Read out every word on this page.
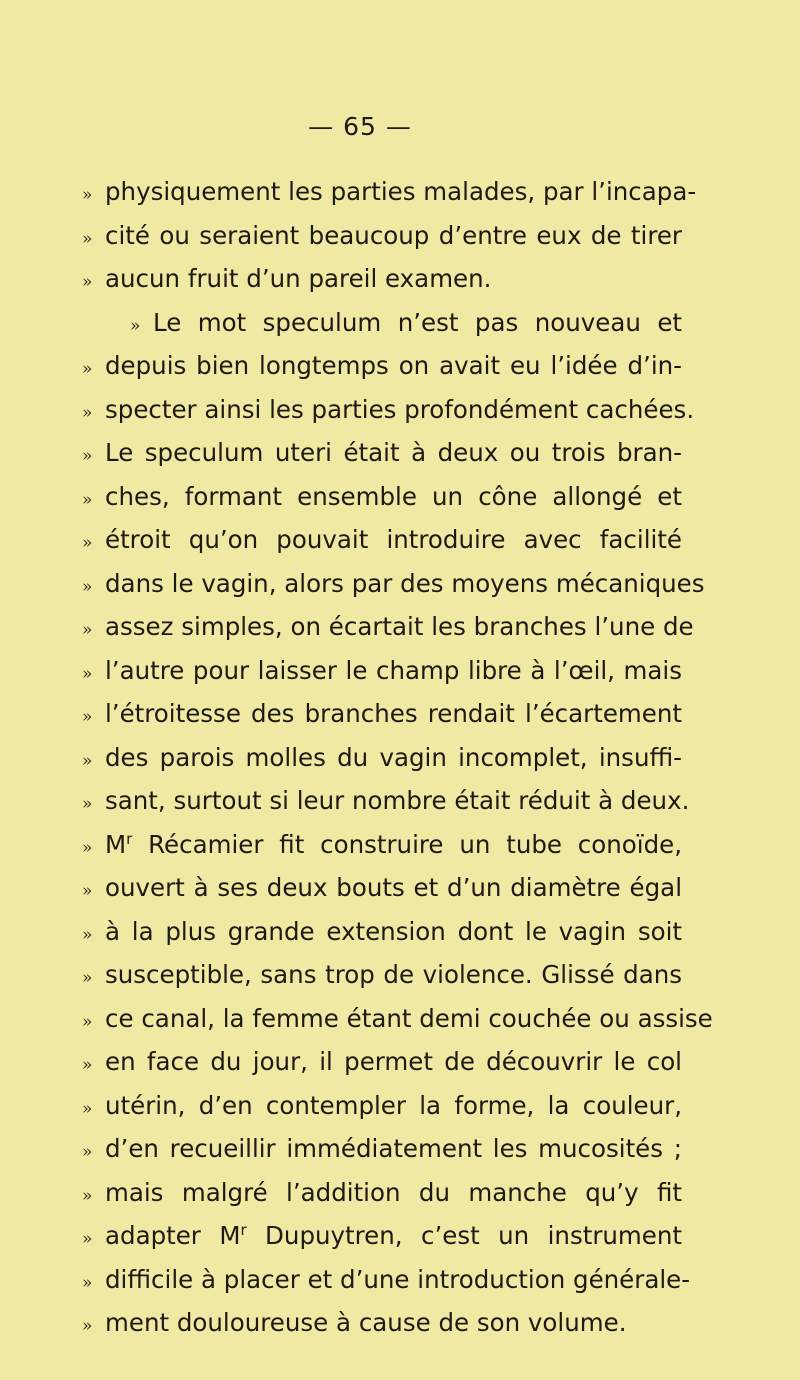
— 65 —
» physiquement les parties malades, par l’incapa-
» cité ou seraient beaucoup d’entre eux de tirer
» aucun fruit d’un pareil examen.
» Le mot speculum n’est pas nouveau et
» depuis bien longtemps on avait eu l’idée d’in-
» specter ainsi les parties profondément cachées.
» Le speculum uteri était à deux ou trois bran-
» ches, formant ensemble un cône allongé et
» étroit qu’on pouvait introduire avec facilité
» dans le vagin, alors par des moyens mécaniques
» assez simples, on écartait les branches l’une de
» l’autre pour laisser le champ libre à l’œil, mais
» l’étroitesse des branches rendait l’écartement
» des parois molles du vagin incomplet, insuffi-
» sant, surtout si leur nombre était réduit à deux.
» $M^r$ Récamier fit construire un tube conoïde,
» ouvert à ses deux bouts et d’un diamètre égal
» à la plus grande extension dont le vagin soit
» susceptible, sans trop de violence. Glissé dans
» ce canal, la femme étant demi couchée ou assise
» en face du jour, il permet de découvrir le col
» utérin, d’en contempler la forme, la couleur,
» d’en recueillir immédiatement les mucosités ;
» mais malgré l’addition du manche qu’y fit
» adapter $M^r$ Dupuytren, c’est un instrument
» difficile à placer et d’une introduction générale-
» ment douloureuse à cause de son volume.
